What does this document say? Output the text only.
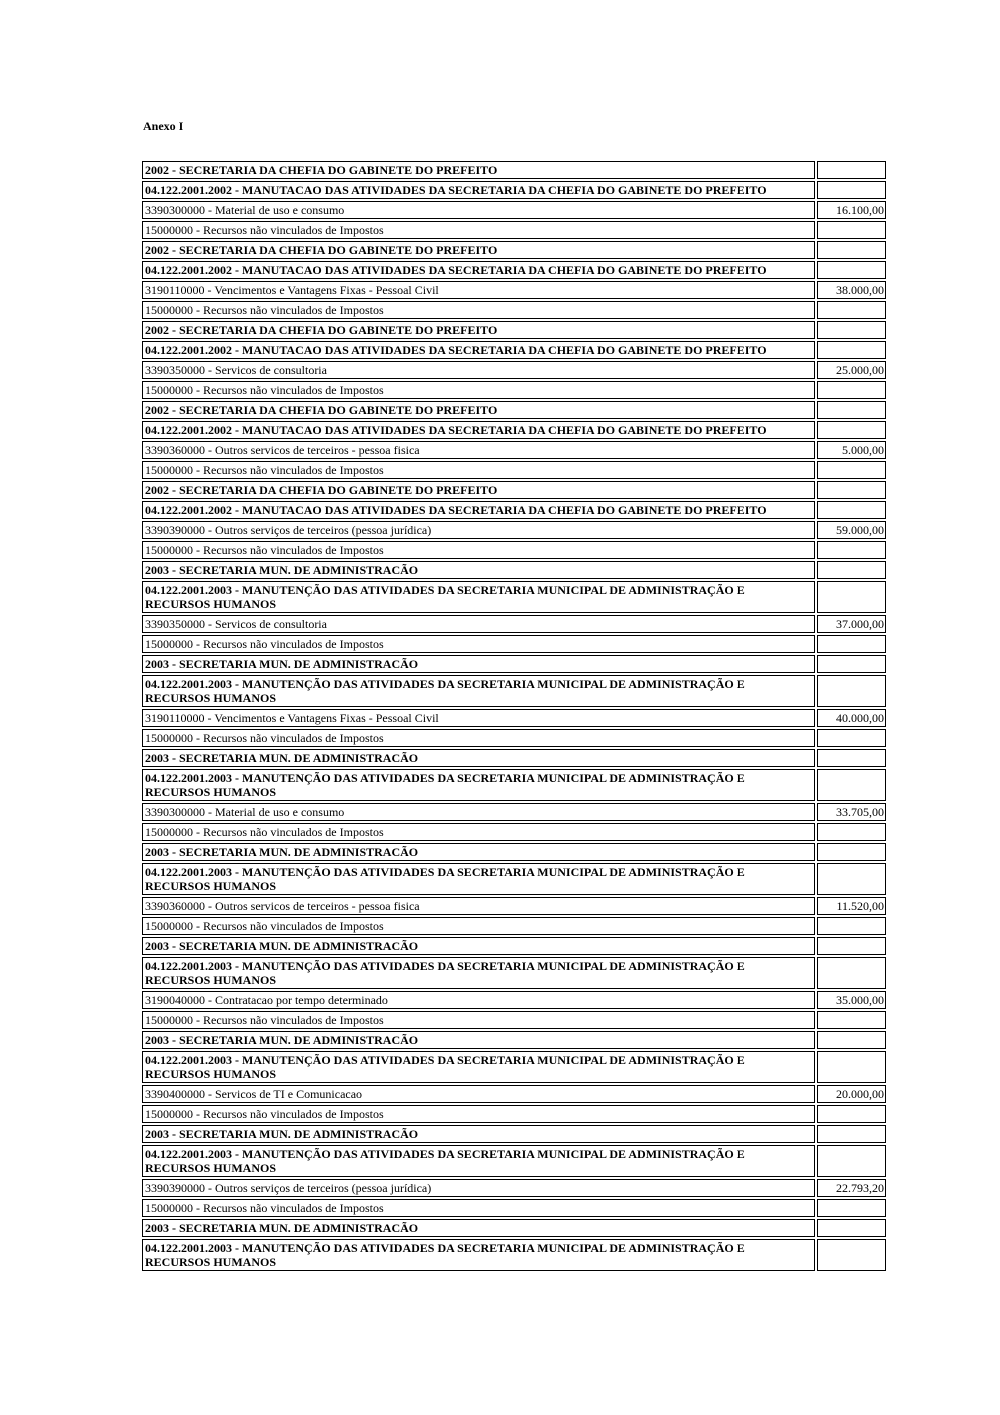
Anexo I
2002 - SECRETARIA DA CHEFIA DO GABINETE DO PREFEITO	
04.122.2001.2002 - MANUTACAO DAS ATIVIDADES DA SECRETARIA DA CHEFIA DO GABINETE DO PREFEITO	
3390300000 - Material de uso e consumo	16.100,00
15000000 - Recursos não vinculados de Impostos	
2002 - SECRETARIA DA CHEFIA DO GABINETE DO PREFEITO	
04.122.2001.2002 - MANUTACAO DAS ATIVIDADES DA SECRETARIA DA CHEFIA DO GABINETE DO PREFEITO	
3190110000 - Vencimentos e Vantagens Fixas - Pessoal Civil	38.000,00
15000000 - Recursos não vinculados de Impostos	
2002 - SECRETARIA DA CHEFIA DO GABINETE DO PREFEITO	
04.122.2001.2002 - MANUTACAO DAS ATIVIDADES DA SECRETARIA DA CHEFIA DO GABINETE DO PREFEITO	
3390350000 - Servicos de consultoria	25.000,00
15000000 - Recursos não vinculados de Impostos	
2002 - SECRETARIA DA CHEFIA DO GABINETE DO PREFEITO	
04.122.2001.2002 - MANUTACAO DAS ATIVIDADES DA SECRETARIA DA CHEFIA DO GABINETE DO PREFEITO	
3390360000 - Outros servicos de terceiros - pessoa fisica	5.000,00
15000000 - Recursos não vinculados de Impostos	
2002 - SECRETARIA DA CHEFIA DO GABINETE DO PREFEITO	
04.122.2001.2002 - MANUTACAO DAS ATIVIDADES DA SECRETARIA DA CHEFIA DO GABINETE DO PREFEITO	
3390390000 - Outros serviços de terceiros (pessoa jurídica)	59.000,00
15000000 - Recursos não vinculados de Impostos	
2003 - SECRETARIA MUN. DE ADMINISTRACÃO	
04.122.2001.2003 - MANUTENÇÃO DAS ATIVIDADES DA SECRETARIA MUNICIPAL DE ADMINISTRAÇÃO E RECURSOS HUMANOS	
3390350000 - Servicos de consultoria	37.000,00
15000000 - Recursos não vinculados de Impostos	
2003 - SECRETARIA MUN. DE ADMINISTRACÃO	
04.122.2001.2003 - MANUTENÇÃO DAS ATIVIDADES DA SECRETARIA MUNICIPAL DE ADMINISTRAÇÃO E RECURSOS HUMANOS	
3190110000 - Vencimentos e Vantagens Fixas - Pessoal Civil	40.000,00
15000000 - Recursos não vinculados de Impostos	
2003 - SECRETARIA MUN. DE ADMINISTRACÃO	
04.122.2001.2003 - MANUTENÇÃO DAS ATIVIDADES DA SECRETARIA MUNICIPAL DE ADMINISTRAÇÃO E RECURSOS HUMANOS	
3390300000 - Material de uso e consumo	33.705,00
15000000 - Recursos não vinculados de Impostos	
2003 - SECRETARIA MUN. DE ADMINISTRACÃO	
04.122.2001.2003 - MANUTENÇÃO DAS ATIVIDADES DA SECRETARIA MUNICIPAL DE ADMINISTRAÇÃO E RECURSOS HUMANOS	
3390360000 - Outros servicos de terceiros - pessoa fisica	11.520,00
15000000 - Recursos não vinculados de Impostos	
2003 - SECRETARIA MUN. DE ADMINISTRACÃO	
04.122.2001.2003 - MANUTENÇÃO DAS ATIVIDADES DA SECRETARIA MUNICIPAL DE ADMINISTRAÇÃO E RECURSOS HUMANOS	
3190040000 - Contratacao por tempo determinado	35.000,00
15000000 - Recursos não vinculados de Impostos	
2003 - SECRETARIA MUN. DE ADMINISTRACÃO	
04.122.2001.2003 - MANUTENÇÃO DAS ATIVIDADES DA SECRETARIA MUNICIPAL DE ADMINISTRAÇÃO E RECURSOS HUMANOS	
3390400000 - Servicos de TI e Comunicacao	20.000,00
15000000 - Recursos não vinculados de Impostos	
2003 - SECRETARIA MUN. DE ADMINISTRACÃO	
04.122.2001.2003 - MANUTENÇÃO DAS ATIVIDADES DA SECRETARIA MUNICIPAL DE ADMINISTRAÇÃO E RECURSOS HUMANOS	
3390390000 - Outros serviços de terceiros (pessoa jurídica)	22.793,20
15000000 - Recursos não vinculados de Impostos	
2003 - SECRETARIA MUN. DE ADMINISTRACÃO	
04.122.2001.2003 - MANUTENÇÃO DAS ATIVIDADES DA SECRETARIA MUNICIPAL DE ADMINISTRAÇÃO E RECURSOS HUMANOS	
